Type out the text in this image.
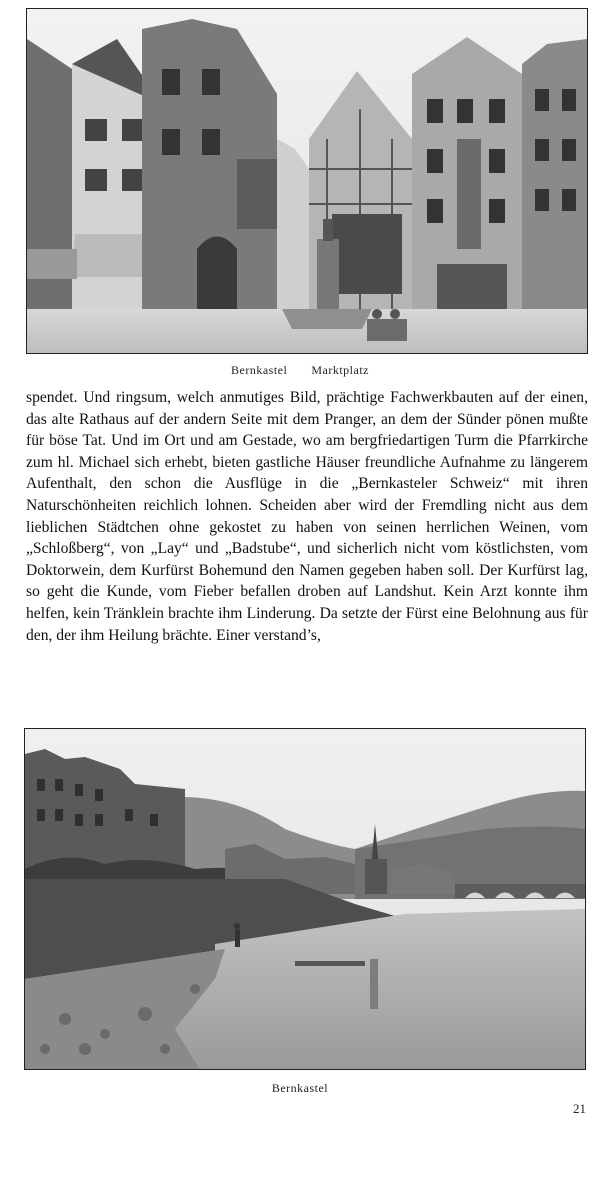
Bernkastel Marktplatz
spendet. Und ringsum, welch anmutiges Bild, prächtige Fachwerkbauten auf der einen, das alte Rathaus auf der andern Seite mit dem Pranger, an dem der Sünder pönen mußte für böse Tat. Und im Ort und am Gestade, wo am bergfriedartigen Turm die Pfarrkirche zum hl. Michael sich erhebt, bieten gastliche Häuser freundliche Aufnahme zu längerem Aufenthalt, den schon die Ausflüge in die „Bernkasteler Schweiz“ mit ihren Naturschönheiten reichlich lohnen. Scheiden aber wird der Fremdling nicht aus dem lieblichen Städtchen ohne gekostet zu haben von seinen herrlichen Weinen, vom „Schloßberg“, von „Lay“ und „Badstube“, und sicherlich nicht vom köstlichsten, vom Doktorwein, dem Kurfürst Bohemund den Namen gegeben haben soll. Der Kurfürst lag, so geht die Kunde, vom Fieber befallen droben auf Landshut. Kein Arzt konnte ihm helfen, kein Tränklein brachte ihm Linderung. Da setzte der Fürst eine Belohnung aus für den, der ihm Heilung brächte. Einer verstand’s,
Bernkastel
21
